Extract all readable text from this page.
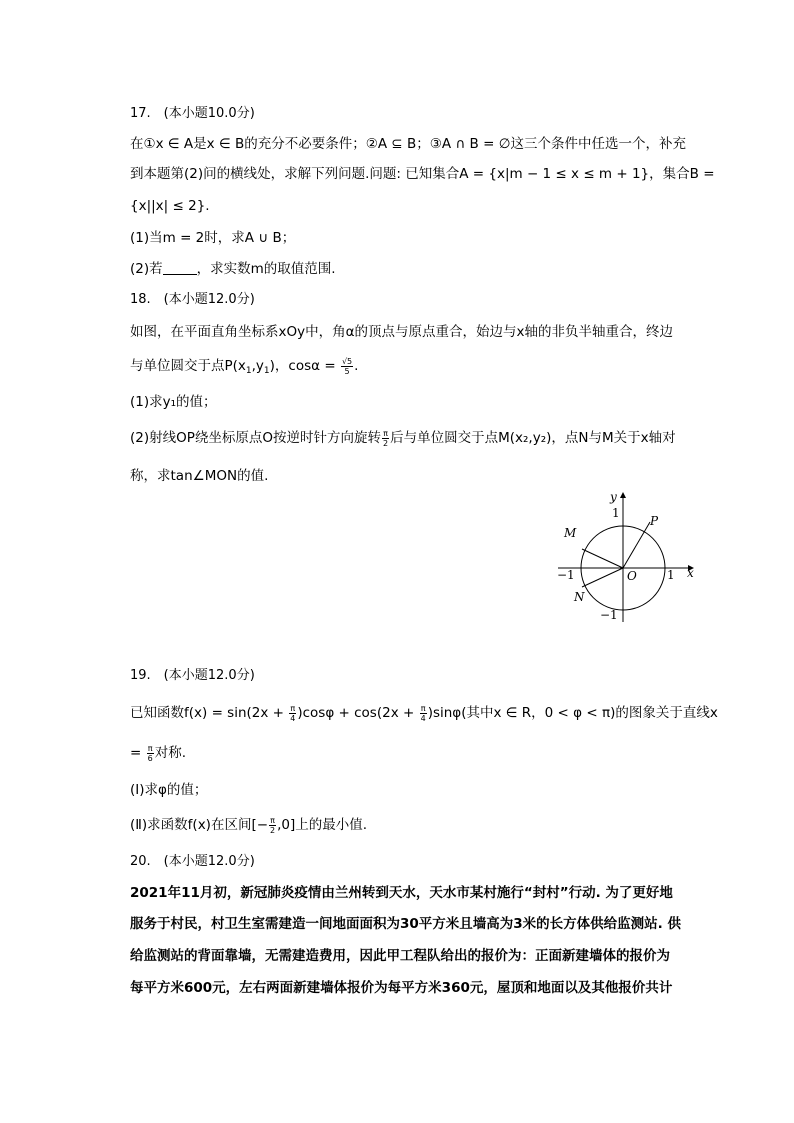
17.　(本小题10.0分)
在①x ∈ A是x ∈ B的充分不必要条件；②A ⊆ B；③A ∩ B = ∅这三个条件中任选一个，补充
到本题第(2)问的横线处，求解下列问题.问题: 已知集合A = {x|m − 1 ≤ x ≤ m + 1}，集合B =
{x||x| ≤ 2}.
(1)当m = 2时，求A ∪ B；
(2)若	，求实数m的取值范围.
18.　(本小题12.0分)
如图，在平面直角坐标系xOy中，角α的顶点与原点重合，始边与x轴的非负半轴重合，终边
与单位圆交于点$P(x_1,y_1)$，$\cos\alpha = \frac{√5}{5}$ .
(1)求y₁的值；
(2)射线OP绕坐标原点O按逆时针方向旋转 $\frac{\pi}{2}$ 后与单位圆交于点M(x₂,y₂)，点N与M关于x轴对
称，求tan∠MON的值.
y
x
O
1
1
−1
−1
M
N
P
19.　(本小题12.0分)
已知函数$f(x) = \sin(2x + \frac{\pi}{4} )\cos\varphi + \cos(2x + \frac{\pi}{4} )\sin\varphi$(其中x ∈ R，0 < φ < π)的图象关于直线x
= $\frac{\pi}{6}$ 对称.
(Ⅰ)求φ的值；
(Ⅱ)求函数f(x)在区间[− $\frac{\pi}{2} ,0$]上的最小值.
20.　(本小题12.0分)
2021年11月初，新冠肺炎疫情由兰州转到天水，天水市某村施行“封村”行动. 为了更好地
服务于村民，村卫生室需建造一间地面面积为30平方米且墙高为3米的长方体供给监测站. 供
给监测站的背面靠墙，无需建造费用，因此甲工程队给出的报价为：正面新建墙体的报价为
每平方米600元，左右两面新建墙体报价为每平方米360元，屋顶和地面以及其他报价共计
